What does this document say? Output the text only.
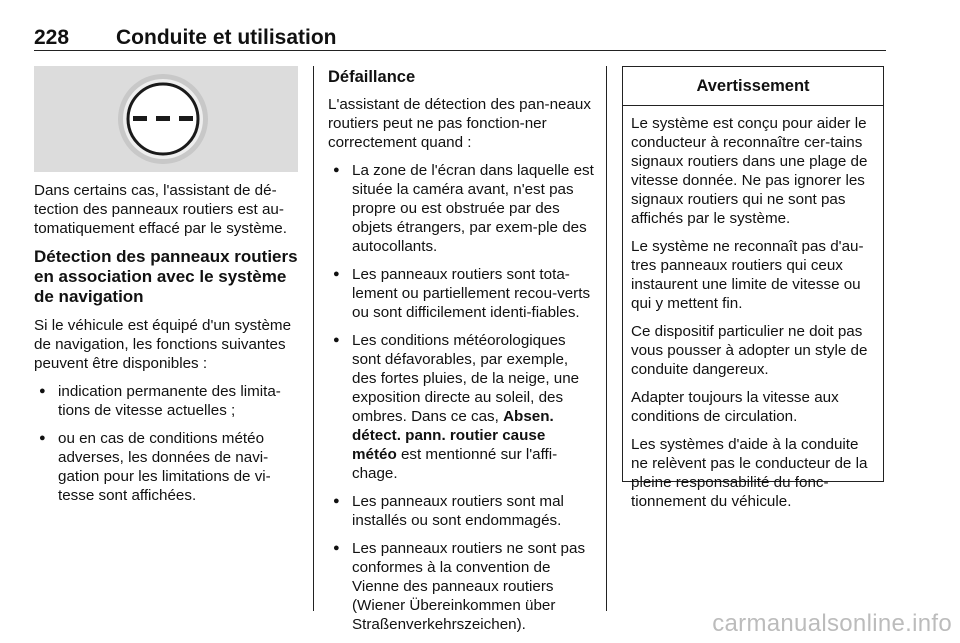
228 Conduite et utilisation

Dans certains cas, l'assistant de dé-tection des panneaux routiers est au-tomatiquement effacé par le système.

Détection des panneaux routiers en association avec le système de navigation

Si le véhicule est équipé d'un système de navigation, les fonctions suivantes peuvent être disponibles :

● indication permanente des limita-tions de vitesse actuelles ;
● ou en cas de conditions météo adverses, les données de navi-gation pour les limitations de vi-tesse sont affichées.
Défaillance

L'assistant de détection des pan-neaux routiers peut ne pas fonction-ner correctement quand :

● La zone de l'écran dans laquelle est située la caméra avant, n'est pas propre ou est obstruée par des objets étrangers, par exem-ple des autocollants.
● Les panneaux routiers sont tota-lement ou partiellement recou-verts ou sont difficilement identi-fiables.
● Les conditions météorologiques sont défavorables, par exemple, des fortes pluies, de la neige, une exposition directe au soleil, des ombres. Dans ce cas, Absen. détect. pann. routier cause météo est mentionné sur l'affi-chage.
● Les panneaux routiers sont mal installés ou sont endommagés.
● Les panneaux routiers ne sont pas conformes à la convention de Vienne des panneaux routiers (Wiener Übereinkommen über Straßenverkehrszeichen).
Avertissement

Le système est conçu pour aider le conducteur à reconnaître cer-tains signaux routiers dans une plage de vitesse donnée. Ne pas ignorer les signaux routiers qui ne sont pas affichés par le système.

Le système ne reconnaît pas d'au-tres panneaux routiers qui ceux instaurent une limite de vitesse ou qui y mettent fin.

Ce dispositif particulier ne doit pas vous pousser à adopter un style de conduite dangereux.

Adapter toujours la vitesse aux conditions de circulation.

Les systèmes d'aide à la conduite ne relèvent pas le conducteur de la pleine responsabilité du fonc-tionnement du véhicule.

carmanualsonline.info
